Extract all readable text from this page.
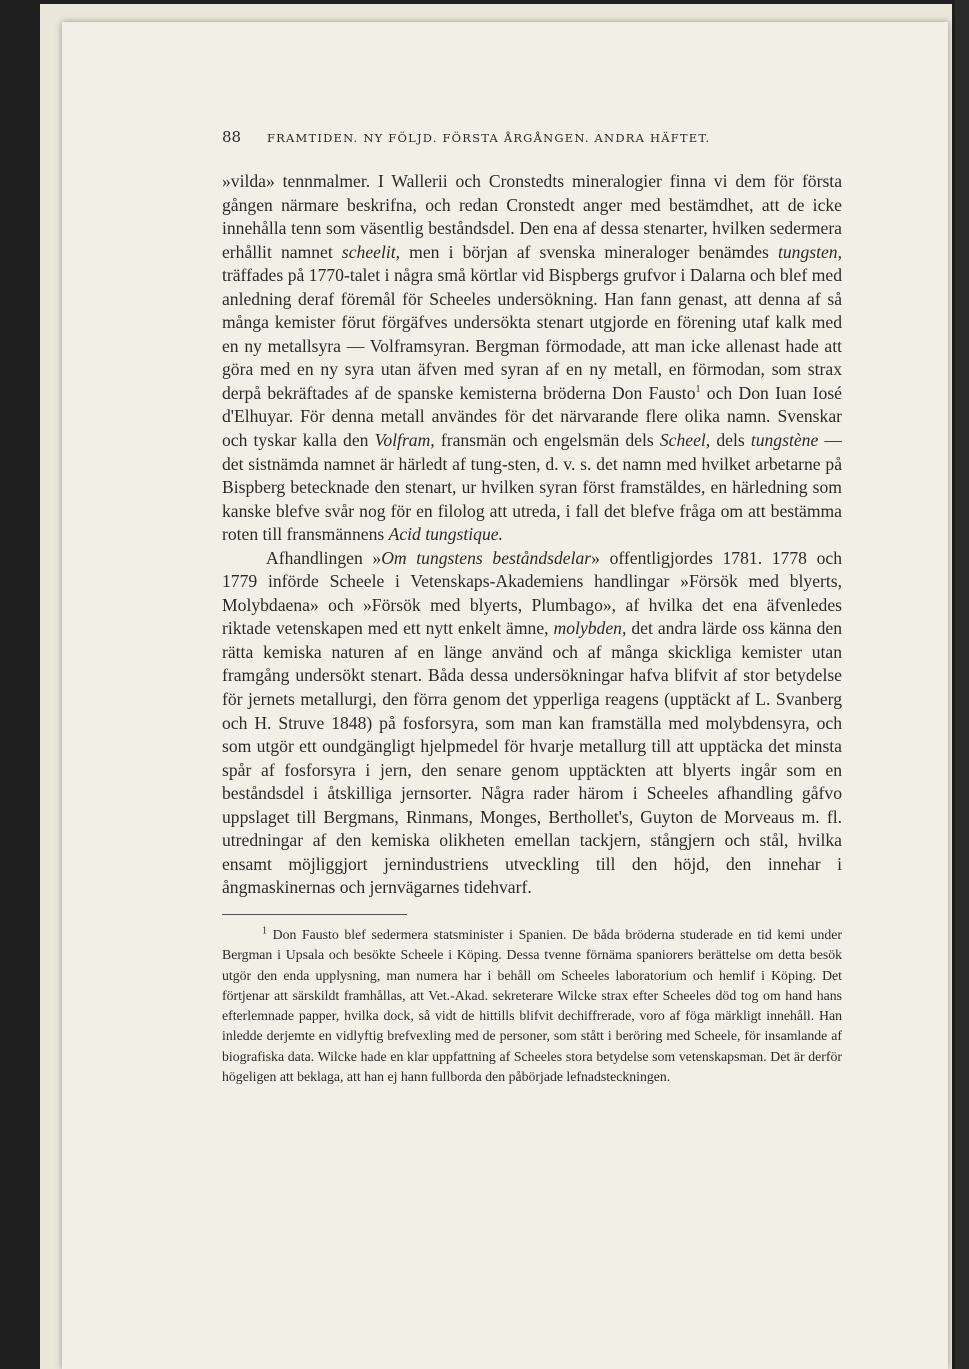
88	FRAMTIDEN. NY FÖLJD. FÖRSTA ÅRGÅNGEN. ANDRA HÄFTET.

»vilda» tennmalmer. I Wallerii och Cronstedts mineralogier finna vi dem för första gången närmare beskrifna, och redan Cronstedt anger med bestämdhet, att de icke innehålla tenn som väsentlig beståndsdel. Den ena af dessa stenarter, hvilken sedermera erhållit namnet scheelit, men i början af svenska mineraloger benämdes tungsten, träffades på 1770-talet i några små körtlar vid Bispbergs grufvor i Dalarna och blef med anledning deraf föremål för Scheeles undersökning. Han fann genast, att denna af så många kemister förut förgäfves undersökta stenart utgjorde en förening utaf kalk med en ny metallsyra — Volframsyran. Bergman förmodade, att man icke allenast hade att göra med en ny syra utan äfven med syran af en ny metall, en förmodan, som strax derpå bekräftades af de spanske kemisterna bröderna Don Fausto$^1$ och Don Iuan Iosé d'Elhuyar. För denna metall användes för det närvarande flere olika namn. Svenskar och tyskar kalla den Volfram, fransmän och engelsmän dels Scheel, dels tungstène — det sistnämda namnet är härledt af tung-sten, d. v. s. det namn med hvilket arbetarne på Bispberg betecknade den stenart, ur hvilken syran först framstäldes, en härledning som kanske blefve svår nog för en filolog att utreda, i fall det blefve fråga om att bestämma roten till fransmännens Acid tungstique.

Afhandlingen »Om tungstens beståndsdelar» offentligjordes 1781. 1778 och 1779 införde Scheele i Vetenskaps-Akademiens handlingar »Försök med blyerts, Molybdaena» och »Försök med blyerts, Plumbago», af hvilka det ena äfvenledes riktade vetenskapen med ett nytt enkelt ämne, molybden, det andra lärde oss känna den rätta kemiska naturen af en länge använd och af många skickliga kemister utan framgång undersökt stenart. Båda dessa undersökningar hafva blifvit af stor betydelse för jernets metallurgi, den förra genom det ypperliga reagens (upptäckt af L. Svanberg och H. Struve 1848) på fosforsyra, som man kan framställa med molybdensyra, och som utgör ett oundgängligt hjelpmedel för hvarje metallurg till att upptäcka det minsta spår af fosforsyra i jern, den senare genom upptäckten att blyerts ingår som en beståndsdel i åtskilliga jernsorter. Några rader härom i Scheeles afhandling gåfvo uppslaget till Bergmans, Rinmans, Monges, Berthollet's, Guyton de Morveaus m. fl. utredningar af den kemiska olikheten emellan tackjern, stångjern och stål, hvilka ensamt möjliggjort jernindustriens utveckling till den höjd, den innehar i ångmaskinernas och jernvägarnes tidehvarf.

$^1$ Don Fausto blef sedermera statsminister i Spanien. De båda bröderna studerade en tid kemi under Bergman i Upsala och besökte Scheele i Köping. Dessa tvenne förnäma spaniorers berättelse om detta besök utgör den enda upplysning, man numera har i behåll om Scheeles laboratorium och hemlif i Köping. Det förtjenar att särskildt framhållas, att Vet.-Akad. sekreterare Wilcke strax efter Scheeles död tog om hand hans efterlemnade papper, hvilka dock, så vidt de hittills blifvit dechiffrerade, voro af föga märkligt innehåll. Han inledde derjemte en vidlyftig brefvexling med de personer, som stått i beröring med Scheele, för insamlande af biografiska data. Wilcke hade en klar uppfattning af Scheeles stora betydelse som vetenskapsman. Det är derför högeligen att beklaga, att han ej hann fullborda den påbörjade lefnadsteckningen.
